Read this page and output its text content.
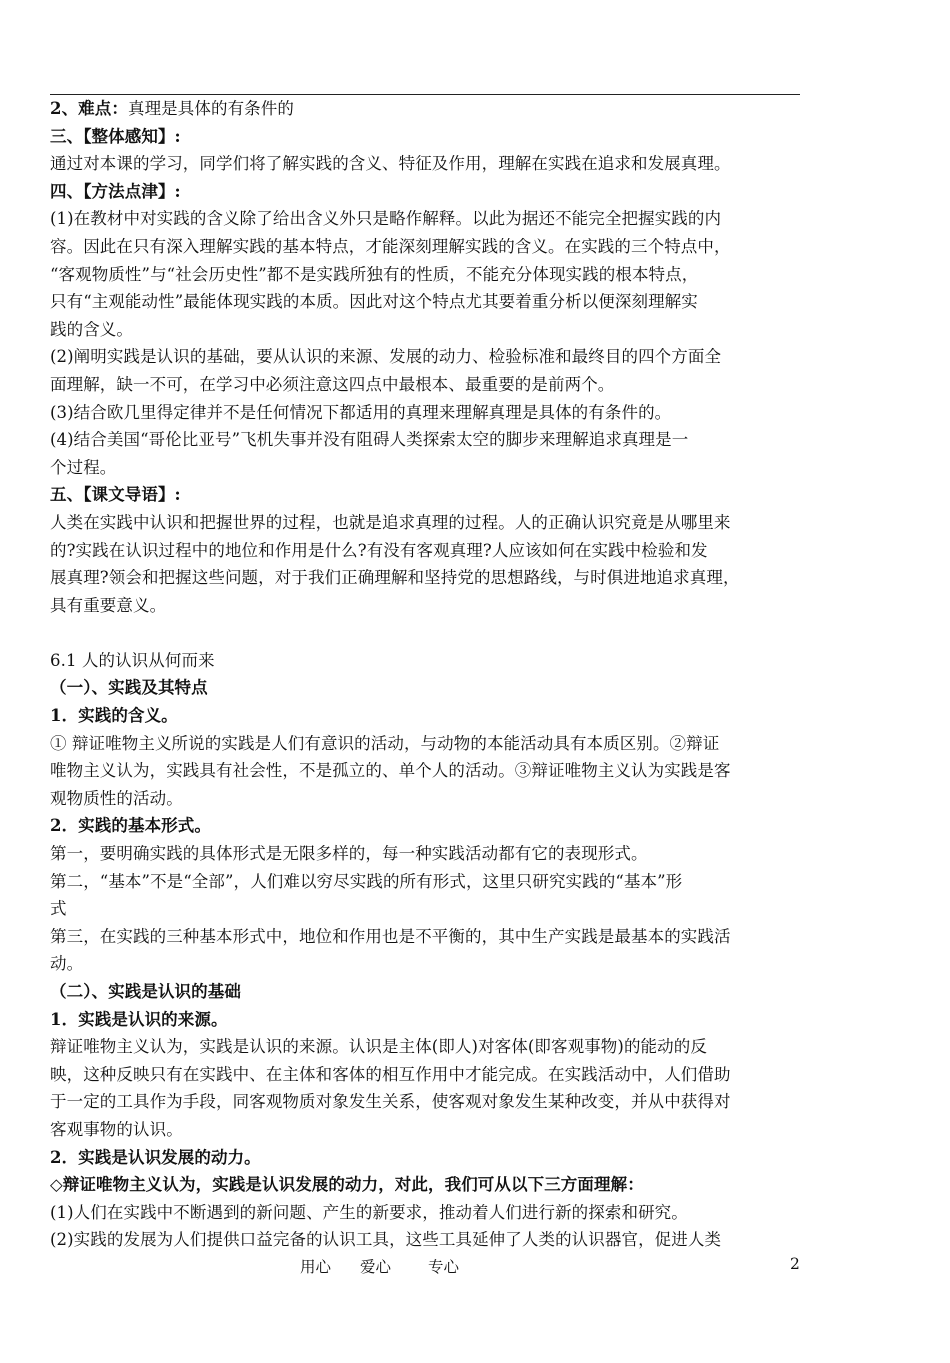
2、难点：真理是具体的有条件的
三、【整体感知】:
通过对本课的学习，同学们将了解实践的含义、特征及作用，理解在实践在追求和发展真理。
四、【方法点津】:
(1)在教材中对实践的含义除了给出含义外只是略作解释。以此为据还不能完全把握实践的内
容。因此在只有深入理解实践的基本特点，才能深刻理解实践的含义。在实践的三个特点中，
“客观物质性”与“社会历史性”都不是实践所独有的性质，不能充分体现实践的根本特点，
只有“主观能动性”最能体现实践的本质。因此对这个特点尤其要着重分析以便深刻理解实
践的含义。
(2)阐明实践是认识的基础，要从认识的来源、发展的动力、检验标准和最终目的四个方面全
面理解，缺一不可，在学习中必须注意这四点中最根本、最重要的是前两个。
(3)结合欧几里得定律并不是任何情况下都适用的真理来理解真理是具体的有条件的。
(4)结合美国“哥伦比亚号”飞机失事并没有阻碍人类探索太空的脚步来理解追求真理是一
个过程。
五、【课文导语】:
人类在实践中认识和把握世界的过程，也就是追求真理的过程。人的正确认识究竟是从哪里来
的?实践在认识过程中的地位和作用是什么?有没有客观真理?人应该如何在实践中检验和发
展真理?领会和把握这些问题，对于我们正确理解和坚持党的思想路线，与时俱进地追求真理，
具有重要意义。

6.1 人的认识从何而来
（一）、实践及其特点
1．实践的含义。
① 辩证唯物主义所说的实践是人们有意识的活动，与动物的本能活动具有本质区别。②辩证
唯物主义认为，实践具有社会性，不是孤立的、单个人的活动。③辩证唯物主义认为实践是客
观物质性的活动。
2．实践的基本形式。
第一，要明确实践的具体形式是无限多样的，每一种实践活动都有它的表现形式。
第二，“基本”不是“全部”，人们难以穷尽实践的所有形式，这里只研究实践的“基本”形
式
第三，在实践的三种基本形式中，地位和作用也是不平衡的，其中生产实践是最基本的实践活
动。
（二）、实践是认识的基础
1．实践是认识的来源。
辩证唯物主义认为，实践是认识的来源。认识是主体(即人)对客体(即客观事物)的能动的反
映，这种反映只有在实践中、在主体和客体的相互作用中才能完成。在实践活动中，人们借助
于一定的工具作为手段，同客观物质对象发生关系，使客观对象发生某种改变，并从中获得对
客观事物的认识。
2．实践是认识发展的动力。
◇辩证唯物主义认为，实践是认识发展的动力，对此，我们可从以下三方面理解：
(1)人们在实践中不断遇到的新问题、产生的新要求，推动着人们进行新的探索和研究。
(2)实践的发展为人们提供口益完备的认识工具，这些工具延伸了人类的认识器官，促进人类
用心 爱心 专心	2
